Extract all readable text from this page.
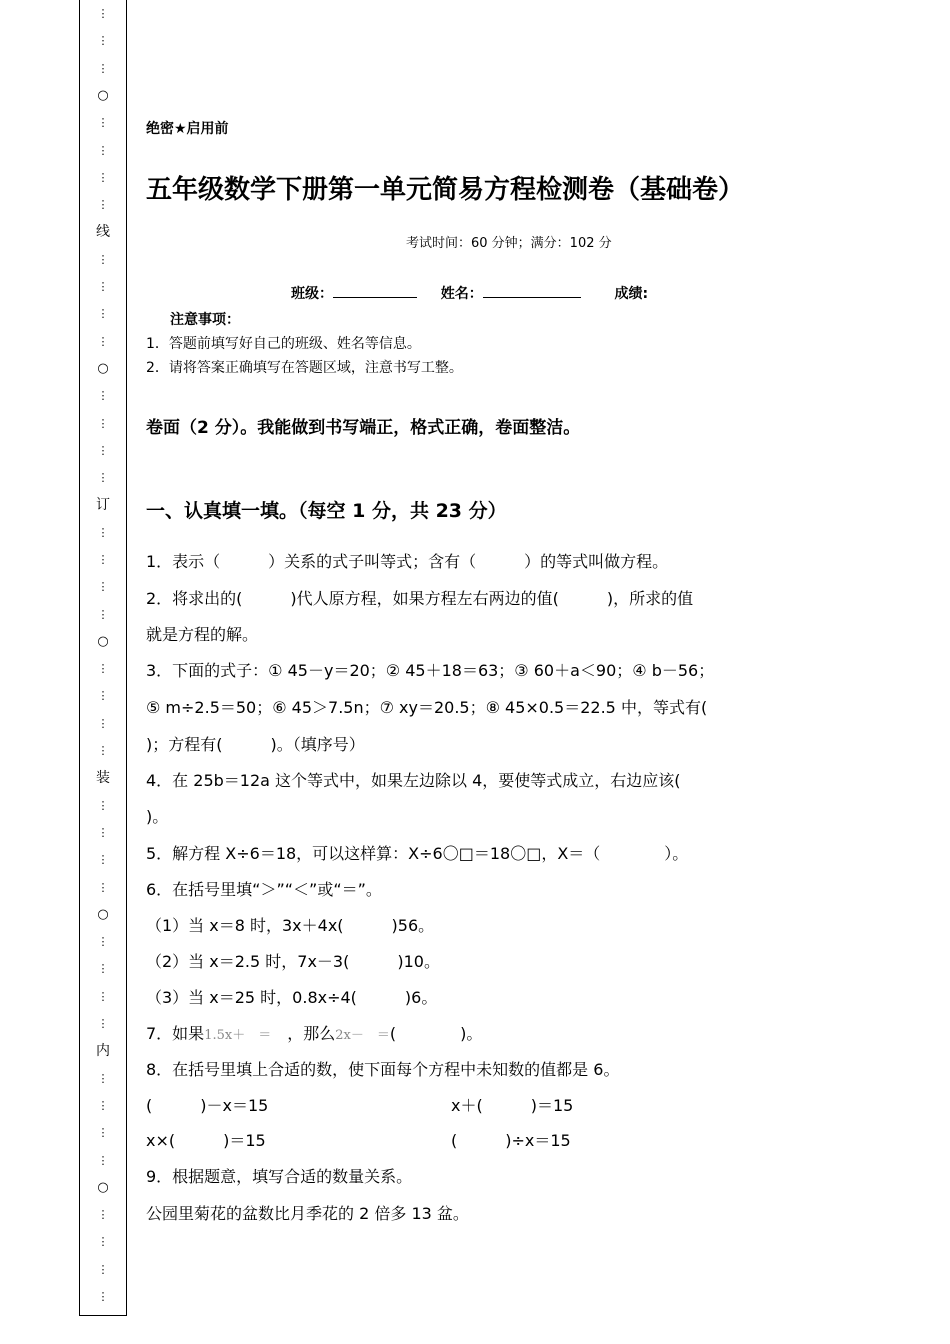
⋮
⋮
⋮
○
⋮
⋮
⋮
⋮
线
⋮
⋮
⋮
⋮
○
⋮
⋮
⋮
⋮
订
⋮
⋮
⋮
⋮
○
⋮
⋮
⋮
⋮
装
⋮
⋮
⋮
⋮
○
⋮
⋮
⋮
⋮
内
⋮
⋮
⋮
⋮
○
⋮
⋮
⋮
⋮
绝密★启用前
五年级数学下册第一单元简易方程检测卷（基础卷）
考试时间：60 分钟；满分：102 分
班级：	姓名：	成绩:
注意事项：
1．答题前填写好自己的班级、姓名等信息。
2．请将答案正确填写在答题区域，注意书写工整。
卷面（2 分）。我能做到书写端正，格式正确，卷面整洁。
一、认真填一填。（每空 1 分，共 23 分）
1．表示（　　　）关系的式子叫等式；含有（　　　）的等式叫做方程。
2．将求出的(　　　)代人原方程，如果方程左右两边的值(　　　)，所求的值
就是方程的解。
3．下面的式子：① 45－y＝20；② 45＋18＝63；③ 60＋a＜90；④ b－56；
⑤ m÷2.5＝50；⑥ 45＞7.5n；⑦ xy＝20.5；⑧ 45×0.5＝22.5 中，等式有(
)；方程有(　　　)。（填序号）
4．在 25b＝12a 这个等式中，如果左边除以 4，要使等式成立，右边应该(
)。
5．解方程 X÷6＝18，可以这样算：X÷6〇□＝18〇□，X＝（　　　　）。
6．在括号里填“＞”“＜”或“＝”。
（1）当 x＝8 时，3x＋4x(　　　)56。
（2）当 x＝2.5 时，7x－3(　　　)10。
（3）当 x＝25 时，0.8x÷4(　　　)6。
7．如果1.5x＋　＝　，那么2x－　＝(　　　　)。
8．在括号里填上合适的数，使下面每个方程中未知数的值都是 6。
(　　　)－x＝15	x＋(　　　)＝15
x×(　　　)＝15	(　　　)÷x＝15
9．根据题意，填写合适的数量关系。
公园里菊花的盆数比月季花的 2 倍多 13 盆。
